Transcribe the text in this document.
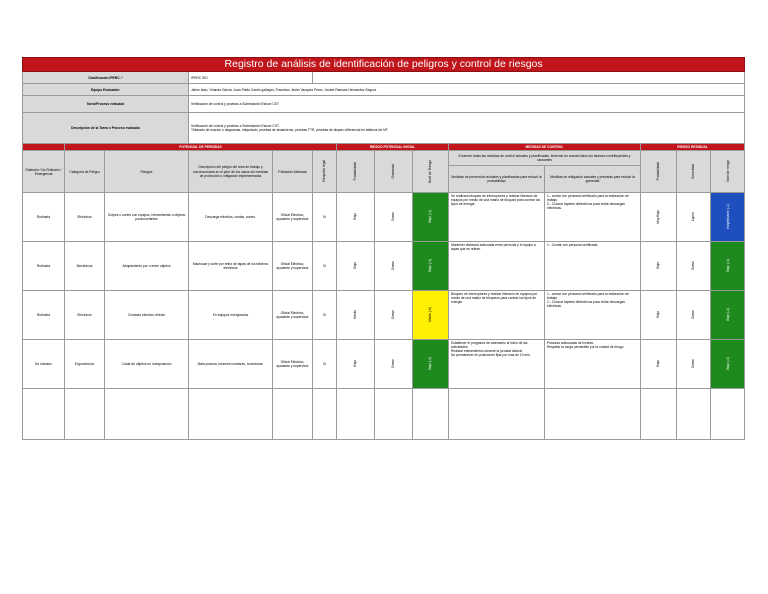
Registro de análisis de identificación de peligros y control de riesgos													
Clasificación IPERC: *			IPERC ISO										
Equipo Evaluador:			Jaime Isaic, Yolanda Garcia, Juan Pablo Castro gallegos, Francisco Javier Vazquez Perez, Jaubet Ramses Hernandez Segura										
Tarea/Proceso evaluado			Verificación de control y pruebas a Subestación Estuce CST										
Descripción de la Tarea o Proceso evaluado			Verificación de control y pruebas a Subestación Estuce CST.
Tiritarado de esando o diagramas, etiquetado, pruebas de aislamiento, pruebas TTR, pruebas de disparo diferencial en tableros de MT.										
	POTENCIAL DE PERDIDAS					RIESGO POTENCIAL INICIAL			MEDIDAS DE CONTROL		RIESGO RESIDUAL		
Rutinario / No Rutinario / Emergencia	Categoría de Peligro	Riesgos	Descripción del peligro del área de trabajo y consecuencias en el peor de los casos sin medidas de protección o mitigación implementadas	Población Afectada	Requisito legal	Probabilidad	Gravedad	Nivel de Riesgo	Enumere todas las medidas de control actuales y planificadas, teniendo en cuenta todos los factores contribuyentes y causantes		Probabilidad	Severidad	Nivel de riesgo
									Medidas de prevención actuales y planificadas para reducir la probabilidad	Medidas de mitigación actuales y previstas para reducir la gravedad			
Rutinaria	Eléctricos	Golpes o cortes con equipos, herramientas u objetos punzocortantes	Descarga eléctrica, caídas, cortes.	Oficial Eléctrico, ayudante y supervisor	III	Bajo	Grave	Bajo (-4)	Se realizara bloqueo de interruptores y realizar liberacio de equipos por medio de una matriz de bloqueo para contrar los tipos de energia	1.- contar con personal certificado para la realizacion de trabajo.
2.- Colocar tapetes dielectricos para evitar descargas eléctricas.	Muy Bajo	Ligero	Insignificante (-1)
Rutinaria	Mecánicos	Atrapamiento por o entre objetos	Machucar y corte por retiro de tapas de los tableros eléctricos	Oficial Eléctrico, ayudante y supervisor	III	Bajo	Grave	Bajo (-4)	Mantener distancia adecuada entre personal y el equipo a tapas que se retiran.	1.- Contar con personal certificado.	Bajo	Grave	Bajo (-4)
Rutinaria	Eléctricos	Contacto eléctrico directo	En equipos energizados	Oficial Eléctrico, ayudante y supervisor	III	Medio	Grave	Medio (-6)	Bloqueo de interruptores y realizar liberacio de equipos por medio de una matriz de bloqueos para contrar los tipos de energia	1.- contar con personal certificado para la realizacion de trabajo.
2.- Colocar tapetes dielectricos para evitar descargas eléctricas.	Bajo	Grave	Bajo (-4)
No rutinario	Ergonómicos	Caída de objetos en manipulación	Mala postura, lesiones lumbares, torceduras.	Oficial Eléctrico, ayudante y supervisor	III	Bajo	Grave	Bajo (-4)	Establecer el programa de calendario al inicio de las actividades.
Realizar estiramientos durante la jornada laboral.
No permanecer en posiciones fijas por mas de 10 min.	Posturas adecuadas de levanto.
Respetar la carga permisible por la unidad de riesgo	Bajo	Grave	Bajo (-4)
